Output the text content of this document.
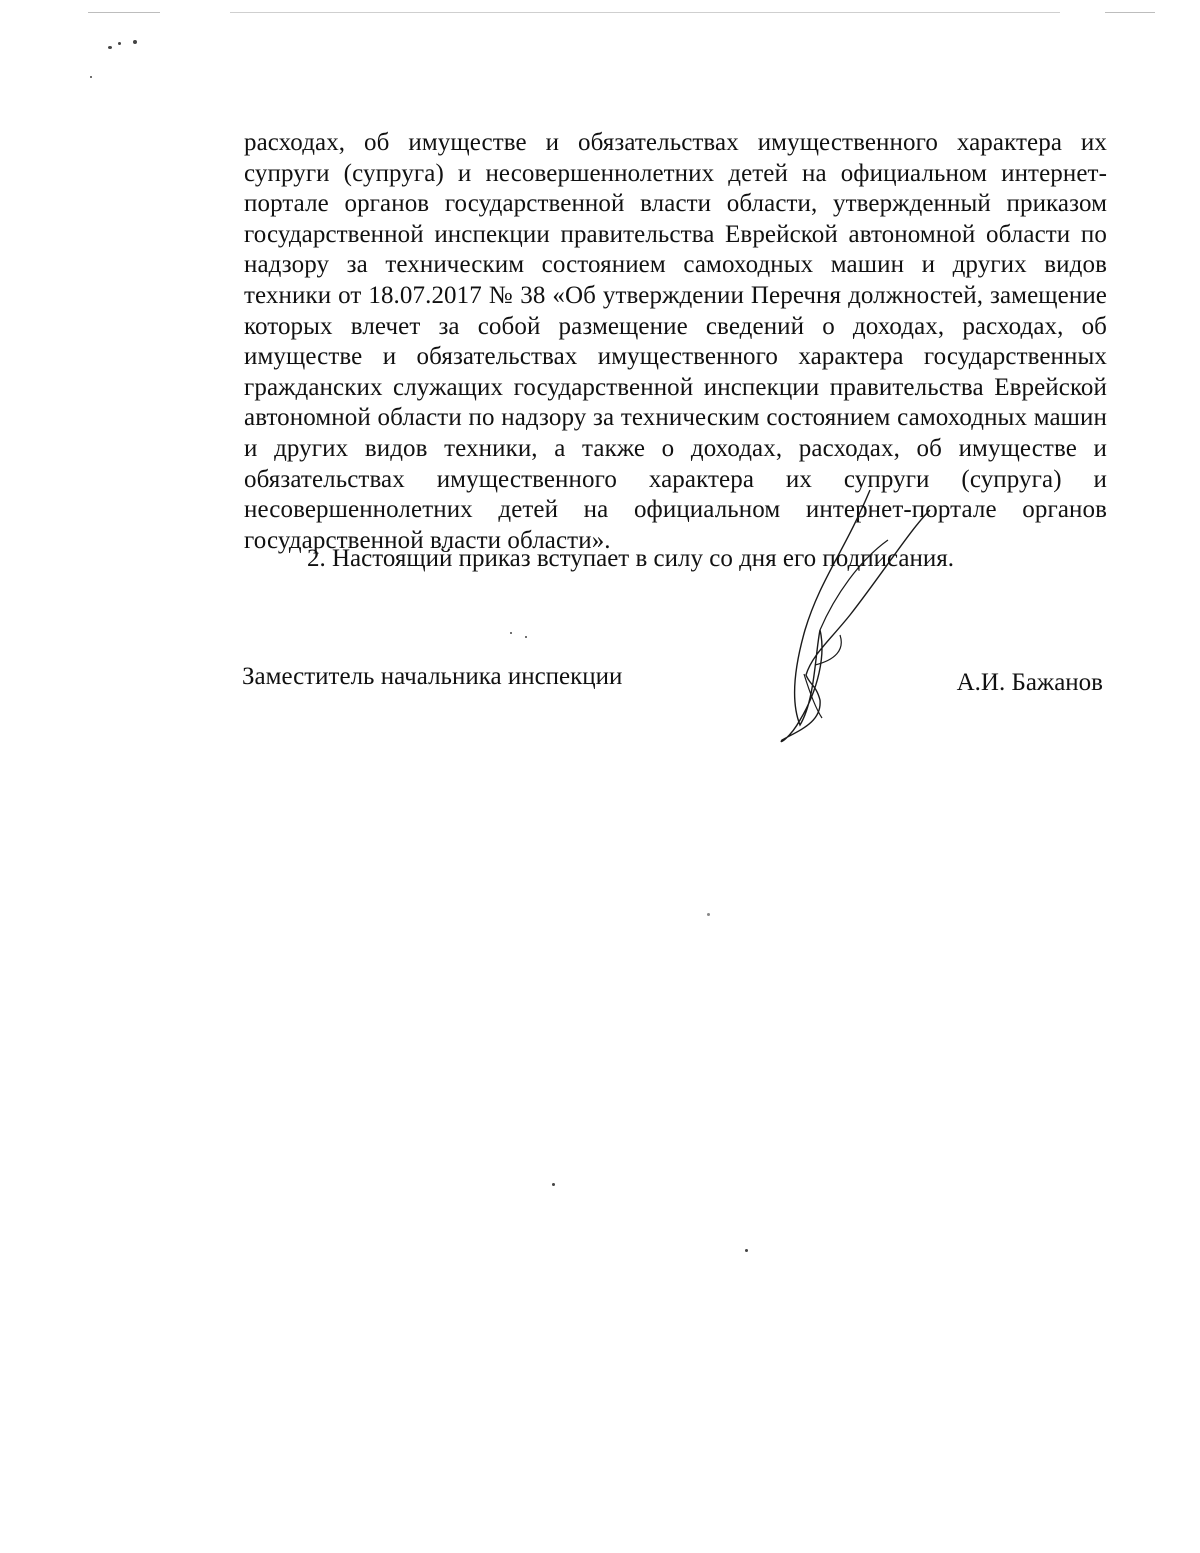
расходах, об имуществе и обязательствах имущественного характера их супруги (супруга) и несовершеннолетних детей на официальном интернет-портале органов государственной власти области, утвержденный приказом государственной инспекции правительства Еврейской автономной области по надзору за техническим состоянием самоходных машин и других видов техники от 18.07.2017 № 38 «Об утверждении Перечня должностей, замещение которых влечет за собой размещение сведений о доходах, расходах, об имуществе и обязательствах имущественного характера государственных гражданских служащих государственной инспекции правительства Еврейской автономной области по надзору за техническим состоянием самоходных машин и других видов техники, а также о доходах, расходах, об имуществе и обязательствах имущественного характера их супруги (супруга) и несовершеннолетних детей на официальном интернет-портале органов государственной власти области».

2. Настоящий приказ вступает в силу со дня его подписания.

Заместитель начальника инспекции	А.И. Бажанов
